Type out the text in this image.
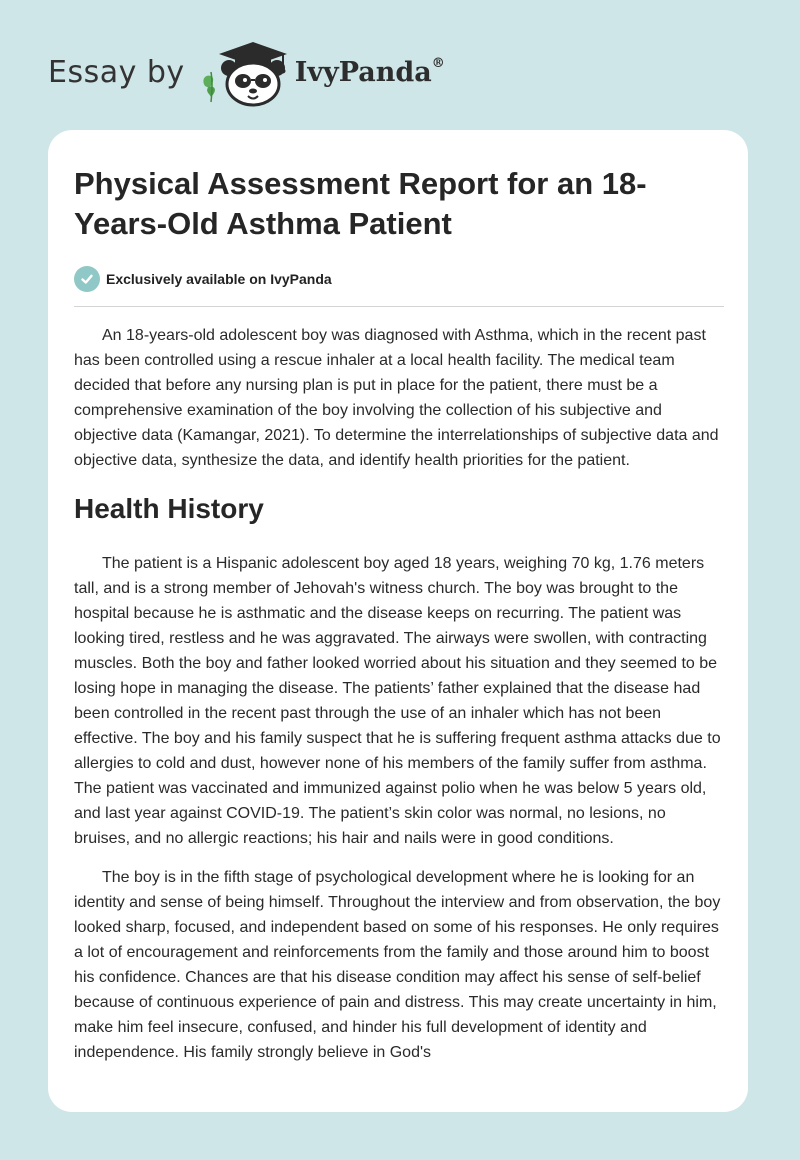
Essay by	IvyPanda®
Physical Assessment Report for an 18-Years-Old Asthma Patient
Exclusively available on IvyPanda

An 18-years-old adolescent boy was diagnosed with Asthma, which in the recent past has been controlled using a rescue inhaler at a local health facility. The medical team decided that before any nursing plan is put in place for the patient, there must be a comprehensive examination of the boy involving the collection of his subjective and objective data (Kamangar, 2021). To determine the interrelationships of subjective data and objective data, synthesize the data, and identify health priorities for the patient.

Health History

The patient is a Hispanic adolescent boy aged 18 years, weighing 70 kg, 1.76 meters tall, and is a strong member of Jehovah's witness church. The boy was brought to the hospital because he is asthmatic and the disease keeps on recurring. The patient was looking tired, restless and he was aggravated. The airways were swollen, with contracting muscles. Both the boy and father looked worried about his situation and they seemed to be losing hope in managing the disease. The patients’ father explained that the disease had been controlled in the recent past through the use of an inhaler which has not been effective. The boy and his family suspect that he is suffering frequent asthma attacks due to allergies to cold and dust, however none of his members of the family suffer from asthma. The patient was vaccinated and immunized against polio when he was below 5 years old, and last year against COVID-19. The patient’s skin color was normal, no lesions, no bruises, and no allergic reactions; his hair and nails were in good conditions.

The boy is in the fifth stage of psychological development where he is looking for an identity and sense of being himself. Throughout the interview and from observation, the boy looked sharp, focused, and independent based on some of his responses. He only requires a lot of encouragement and reinforcements from the family and those around him to boost his confidence. Chances are that his disease condition may affect his sense of self-belief because of continuous experience of pain and distress. This may create uncertainty in him, make him feel insecure, confused, and hinder his full development of identity and independence. His family strongly believe in God's
